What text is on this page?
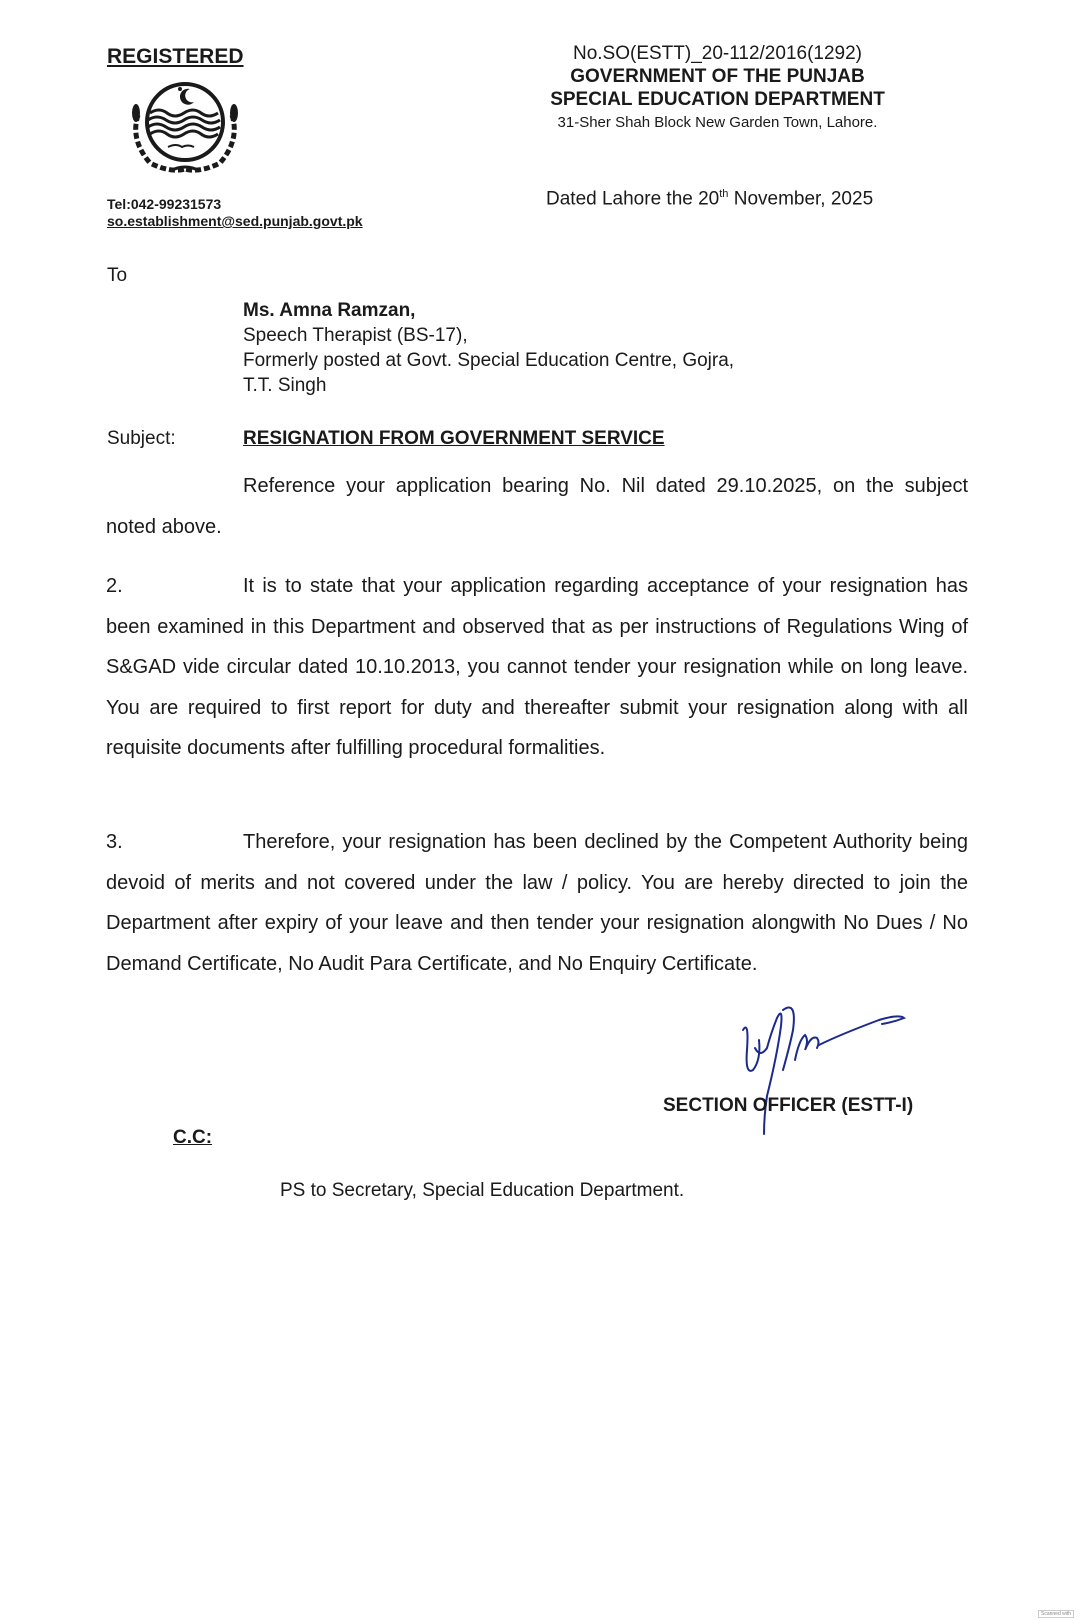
REGISTERED
Tel:042-99231573
so.establishment@sed.punjab.govt.pk
No.SO(ESTT)_20-112/2016(1292)
GOVERNMENT OF THE PUNJAB
SPECIAL EDUCATION DEPARTMENT
31-Sher Shah Block New Garden Town, Lahore.
Dated Lahore the 20th November, 2025
To
Ms. Amna Ramzan,
Speech Therapist (BS-17),
Formerly posted at Govt. Special Education Centre, Gojra,
T.T. Singh
Subject:	RESIGNATION FROM GOVERNMENT SERVICE
Reference your application bearing No. Nil dated 29.10.2025, on the subject noted above.
2.	It is to state that your application regarding acceptance of your resignation has been examined in this Department and observed that as per instructions of Regulations Wing of S&GAD vide circular dated 10.10.2013, you cannot tender your resignation while on long leave. You are required to first report for duty and thereafter submit your resignation along with all requisite documents after fulfilling procedural formalities.
3.	Therefore, your resignation has been declined by the Competent Authority being devoid of merits and not covered under the law / policy. You are hereby directed to join the Department after expiry of your leave and then tender your resignation alongwith No Dues / No Demand Certificate, No Audit Para Certificate, and No Enquiry Certificate.
SECTION OFFICER (ESTT-I)
C.C:
PS to Secretary, Special Education Department.
Scanned with
